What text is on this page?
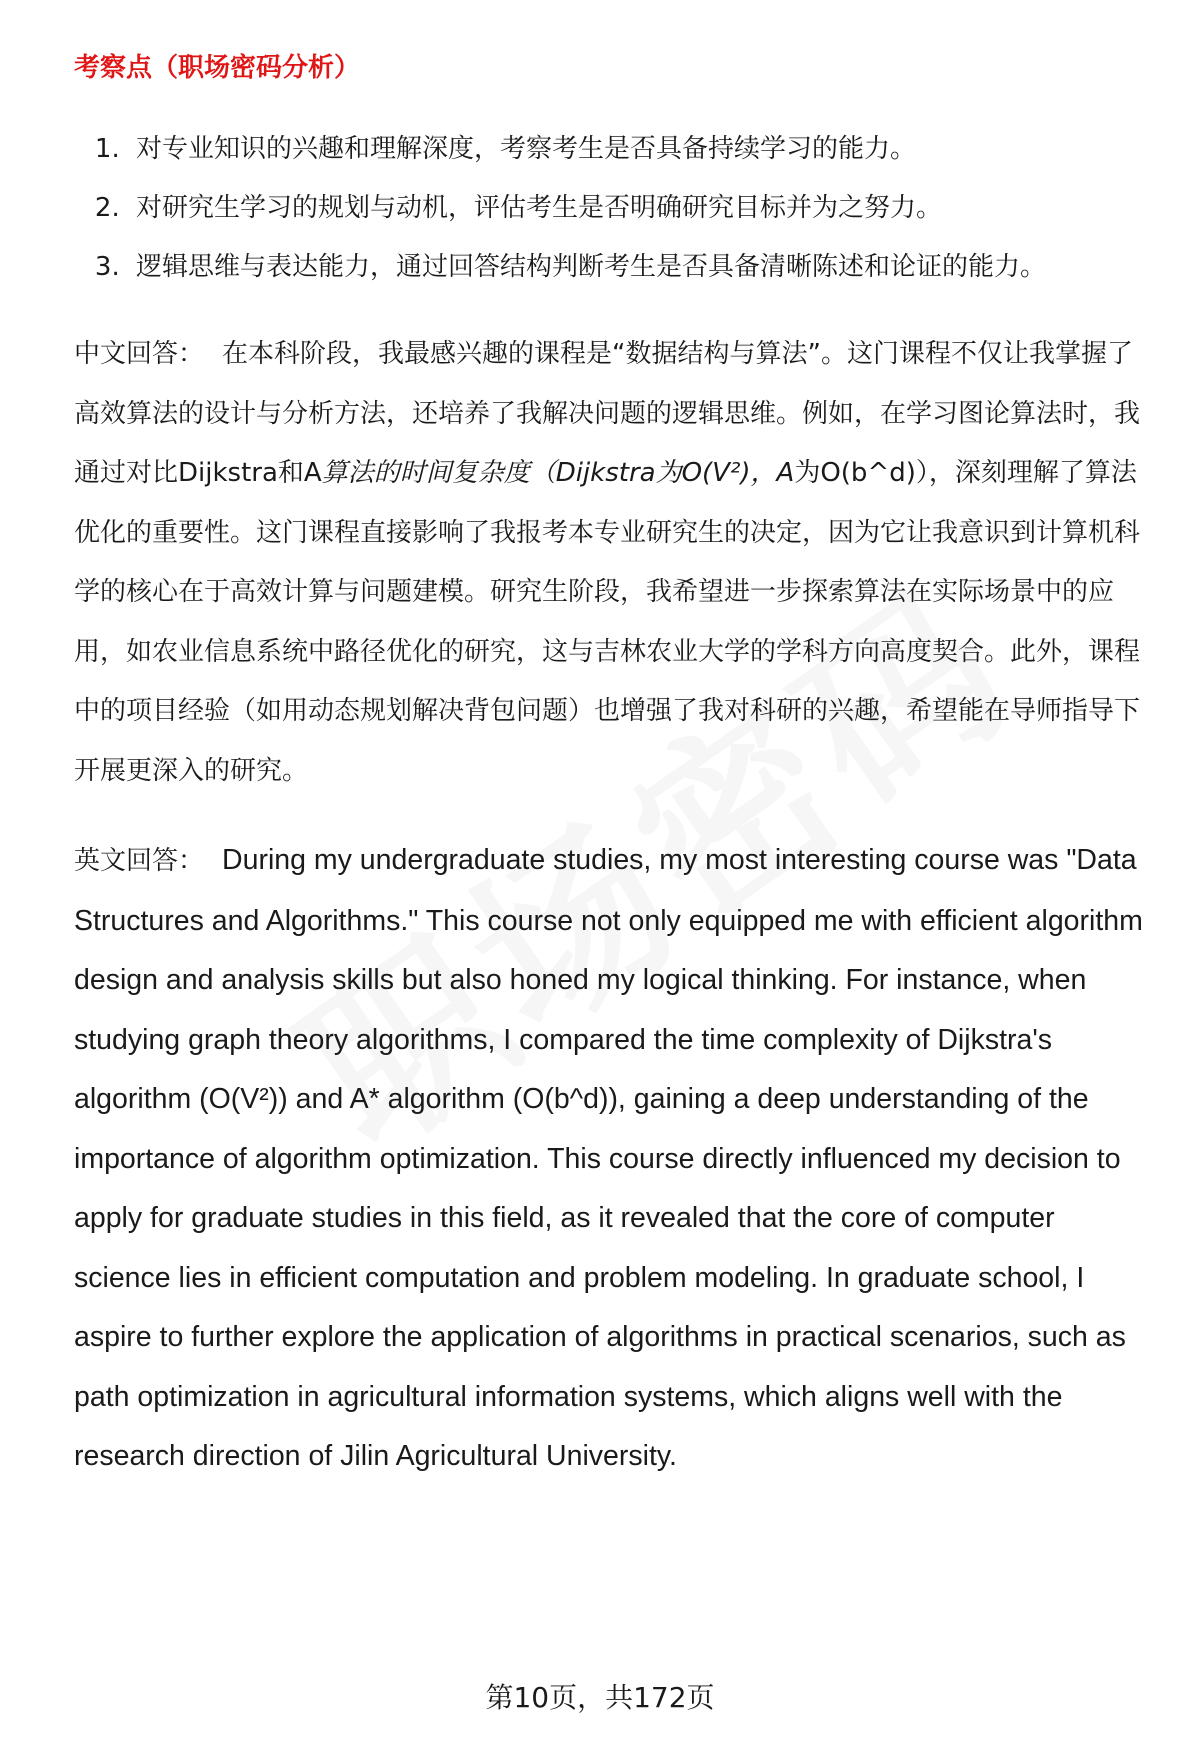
考察点（职场密码分析）
1. 对专业知识的兴趣和理解深度，考察考生是否具备持续学习的能力。
2. 对研究生学习的规划与动机，评估考生是否明确研究目标并为之努力。
3. 逻辑思维与表达能力，通过回答结构判断考生是否具备清晰陈述和论证的能力。

中文回答： 在本科阶段，我最感兴趣的课程是“数据结构与算法”。这门课程不仅让我掌握了高效算法的设计与分析方法，还培养了我解决问题的逻辑思维。例如，在学习图论算法时，我通过对比Dijkstra和A算法的时间复杂度（Dijkstra为O(V²)，A为O(b^d)），深刻理解了算法优化的重要性。这门课程直接影响了我报考本专业研究生的决定，因为它让我意识到计算机科学的核心在于高效计算与问题建模。研究生阶段，我希望进一步探索算法在实际场景中的应用，如农业信息系统中路径优化的研究，这与吉林农业大学的学科方向高度契合。此外，课程中的项目经验（如用动态规划解决背包问题）也增强了我对科研的兴趣，希望能在导师指导下开展更深入的研究。

英文回答： During my undergraduate studies, my most interesting course was "Data Structures and Algorithms." This course not only equipped me with efficient algorithm design and analysis skills but also honed my logical thinking. For instance, when studying graph theory algorithms, I compared the time complexity of Dijkstra's algorithm (O(V²)) and A* algorithm (O(b^d)), gaining a deep understanding of the importance of algorithm optimization. This course directly influenced my decision to apply for graduate studies in this field, as it revealed that the core of computer science lies in efficient computation and problem modeling. In graduate school, I aspire to further explore the application of algorithms in practical scenarios, such as path optimization in agricultural information systems, which aligns well with the research direction of Jilin Agricultural University.

第10页，共172页
